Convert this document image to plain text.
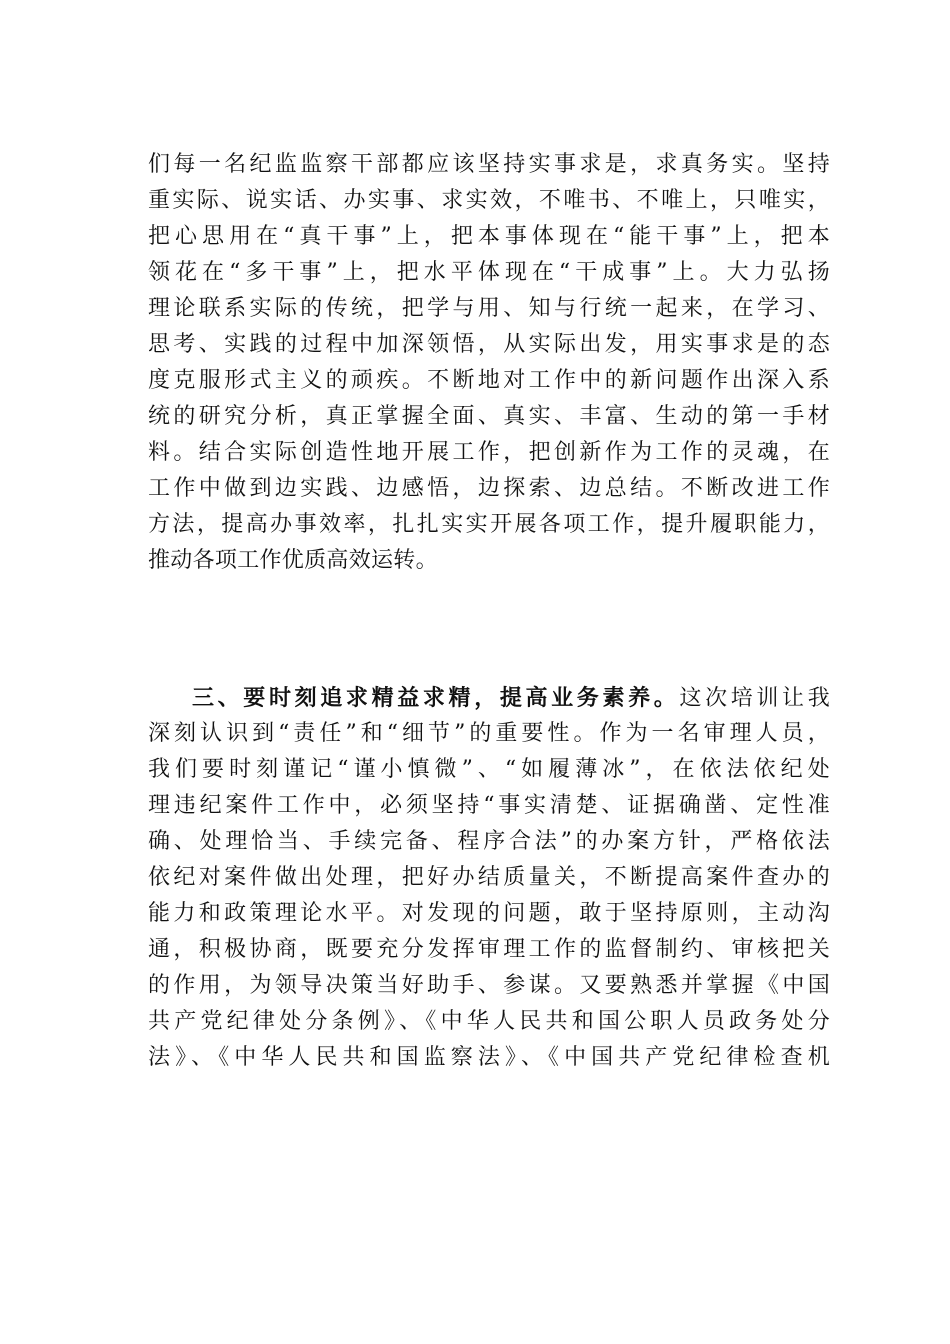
们每一名纪监监察干部都应该坚持实事求是，求真务实。坚持
重实际、说实话、办实事、求实效，不唯书、不唯上，只唯实，
把心思用在“真干事”上，把本事体现在“能干事”上，把本
领花在“多干事”上，把水平体现在“干成事”上。大力弘扬
理论联系实际的传统，把学与用、知与行统一起来，在学习、
思考、实践的过程中加深领悟，从实际出发，用实事求是的态
度克服形式主义的顽疾。不断地对工作中的新问题作出深入系
统的研究分析，真正掌握全面、真实、丰富、生动的第一手材
料。结合实际创造性地开展工作，把创新作为工作的灵魂，在
工作中做到边实践、边感悟，边探索、边总结。不断改进工作
方法，提高办事效率，扎扎实实开展各项工作，提升履职能力，
推动各项工作优质高效运转。
三、要时刻追求精益求精，提高业务素养。这次培训让我
深刻认识到“责任”和“细节”的重要性。作为一名审理人员，
我们要时刻谨记“谨小慎微”、“如履薄冰”，在依法依纪处
理违纪案件工作中，必须坚持“事实清楚、证据确凿、定性准
确、处理恰当、手续完备、程序合法”的办案方针，严格依法
依纪对案件做出处理，把好办结质量关，不断提高案件查办的
能力和政策理论水平。对发现的问题，敢于坚持原则，主动沟
通，积极协商，既要充分发挥审理工作的监督制约、审核把关
的作用，为领导决策当好助手、参谋。又要熟悉并掌握《中国
共产党纪律处分条例》、《中华人民共和国公职人员政务处分
法》、《中华人民共和国监察法》、《中国共产党纪律检查机
